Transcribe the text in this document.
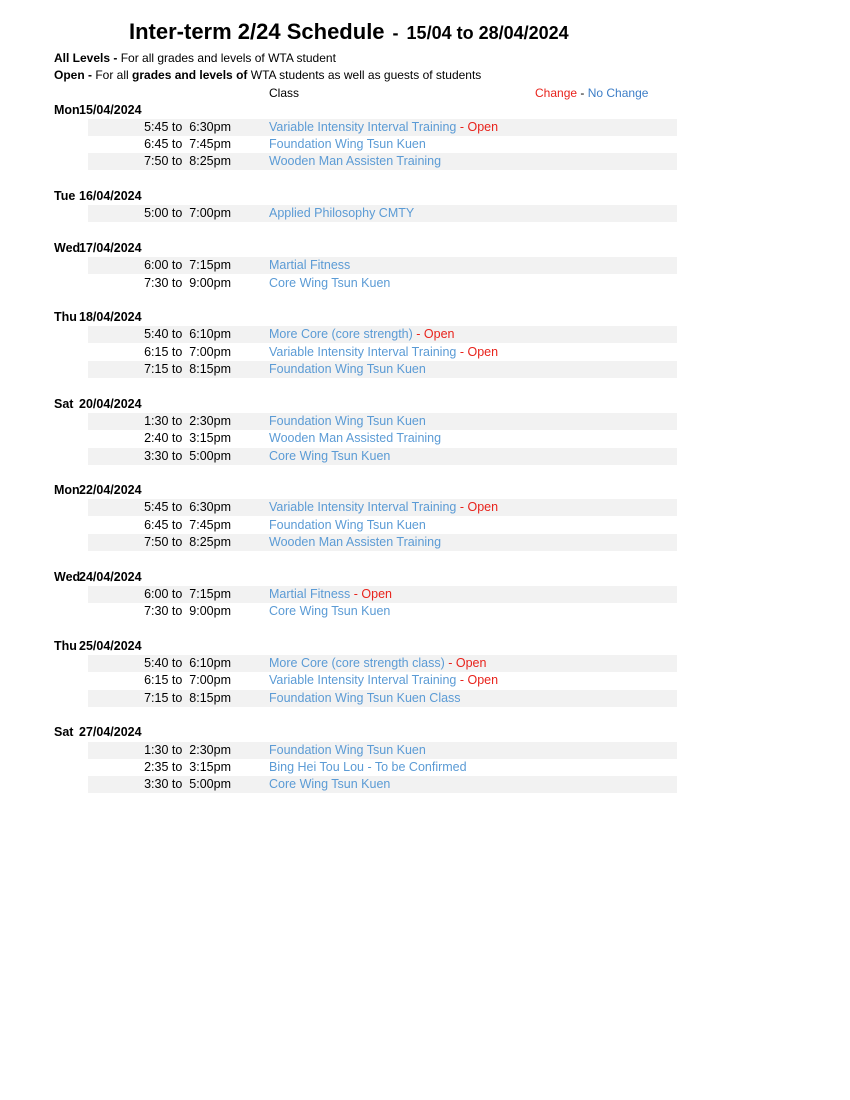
Inter-term 2/24 Schedule - 15/04 to 28/04/2024
All Levels - For all grades and levels of WTA student
Open - For all grades and levels of WTA students as well as guests of students
Class	Change - No Change
Mon15/04/2024
5:45 to  6:30pm	Variable Intensity Interval Training - Open
6:45 to  7:45pm	Foundation Wing Tsun Kuen
7:50 to  8:25pm	Wooden Man Assisten Training
Tue 16/04/2024
5:00 to  7:00pm	Applied Philosophy CMTY
Wed17/04/2024
6:00 to  7:15pm	Martial Fitness
7:30 to  9:00pm	Core Wing Tsun Kuen
Thu 18/04/2024
5:40 to  6:10pm	More Core (core strength) - Open
6:15 to  7:00pm	Variable Intensity Interval Training - Open
7:15 to  8:15pm	Foundation Wing Tsun Kuen
Sat 20/04/2024
1:30 to  2:30pm	Foundation Wing Tsun Kuen
2:40 to  3:15pm	Wooden Man Assisted Training
3:30 to  5:00pm	Core Wing Tsun Kuen
Mon22/04/2024
5:45 to  6:30pm	Variable Intensity Interval Training - Open
6:45 to  7:45pm	Foundation Wing Tsun Kuen
7:50 to  8:25pm	Wooden Man Assisten Training
Wed24/04/2024
6:00 to  7:15pm	Martial Fitness - Open
7:30 to  9:00pm	Core Wing Tsun Kuen
Thu 25/04/2024
5:40 to  6:10pm	More Core (core strength class) - Open
6:15 to  7:00pm	Variable Intensity Interval Training - Open
7:15 to  8:15pm	Foundation Wing Tsun Kuen Class
Sat 27/04/2024
1:30 to  2:30pm	Foundation Wing Tsun Kuen
2:35 to  3:15pm	Bing Hei Tou Lou - To be Confirmed
3:30 to  5:00pm	Core Wing Tsun Kuen
